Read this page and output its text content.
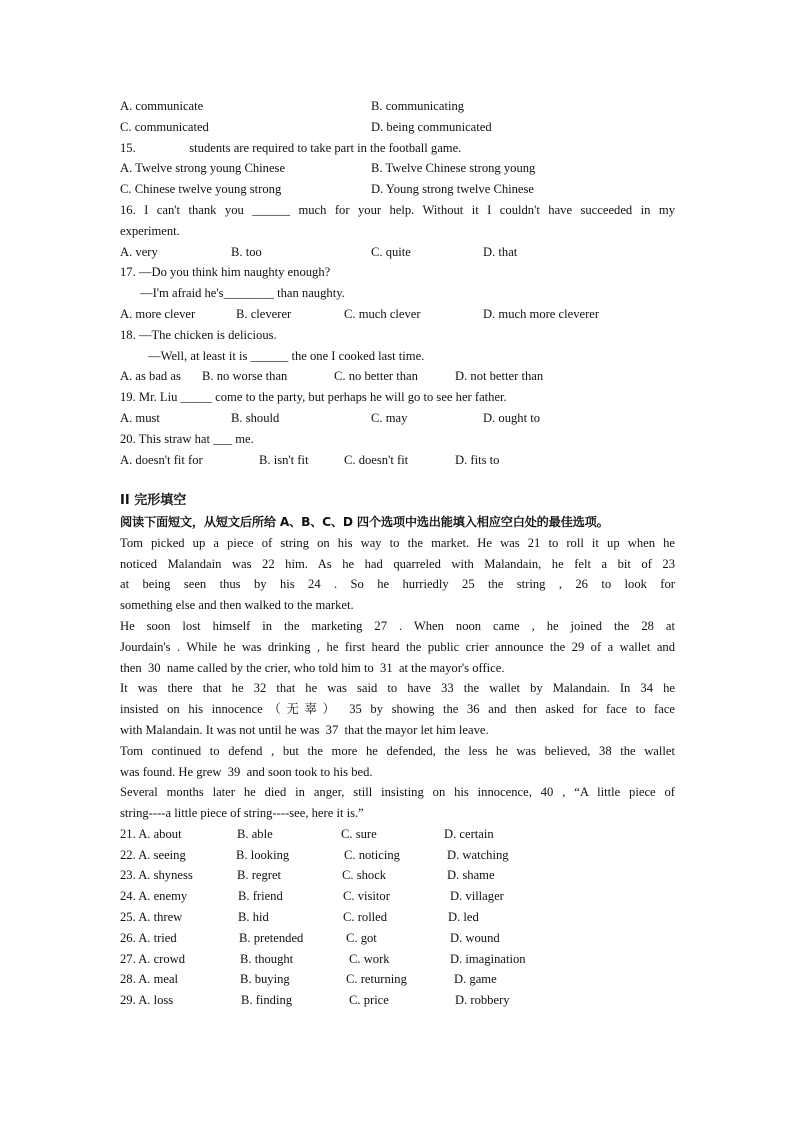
A. communicate	B. communicating
C. communicated	D. being communicated
15.                 students are required to take part in the football game.
A. Twelve strong young Chinese	B. Twelve Chinese strong young
C. Chinese twelve young strong	D. Young strong twelve Chinese
16. I can't thank you ______ much for your help. Without it I couldn't have succeeded in my
experiment.
A. very	B. too	C. quite	D. that
17. —Do you think him naughty enough?
—I'm afraid he's________ than naughty.
A. more clever	B. cleverer	C. much clever	D. much more cleverer
18. —The chicken is delicious.
—Well, at least it is ______ the one I cooked last time.
A. as bad as B. no worse than	C. no better than	D. not better than
19. Mr. Liu _____ come to the party, but perhaps he will go to see her father.
A. must	B. should	C. may	D. ought to
20. This straw hat ___ me.
A. doesn't fit for	B. isn't fit	C. doesn't fit	D. fits to
II 完形填空
阅读下面短文，从短文后所给 A、B、C、D 四个选项中选出能填入相应空白处的最佳选项。
Tom picked up a piece of string on his way to the market. He was 21 to roll it up when he
noticed Malandain was 22 him. As he had quarreled with Malandain, he felt a bit of 23
at being seen thus by his 24 . So he hurriedly 25 the string , 26 to look for
something else and then walked to the market.
He soon lost himself in the marketing 27 . When noon came , he joined the 28 at
Jourdain's . While he was drinking , he first heard the public crier announce the 29 of a wallet and
then  30  name called by the crier, who told him to  31  at the mayor's office.
It was there that he 32 that he was said to have 33 the wallet by Malandain. In 34 he
insisted on his innocence（无辜） 35 by showing the 36 and then asked for face to face
with Malandain. It was not until he was  37  that the mayor let him leave.
Tom continued to defend , but the more he defended, the less he was believed, 38 the wallet
was found. He grew  39  and soon took to his bed.
Several months later he died in anger, still insisting on his innocence, 40 , “A little piece of
string----a little piece of string----see, here it is.”
21. A. about	B. able	C. sure	D. certain
22. A. seeing	B. looking	C. noticing	D. watching
23. A. shyness	B. regret	C. shock	D. shame
24. A. enemy	B. friend	C. visitor	D. villager
25. A. threw	B. hid	C. rolled	D. led
26. A. tried	B. pretended	C. got	D. wound
27. A. crowd	B. thought	C. work	D. imagination
28. A. meal	B. buying	C. returning	D. game
29. A. loss	B. finding	C. price	D. robbery
